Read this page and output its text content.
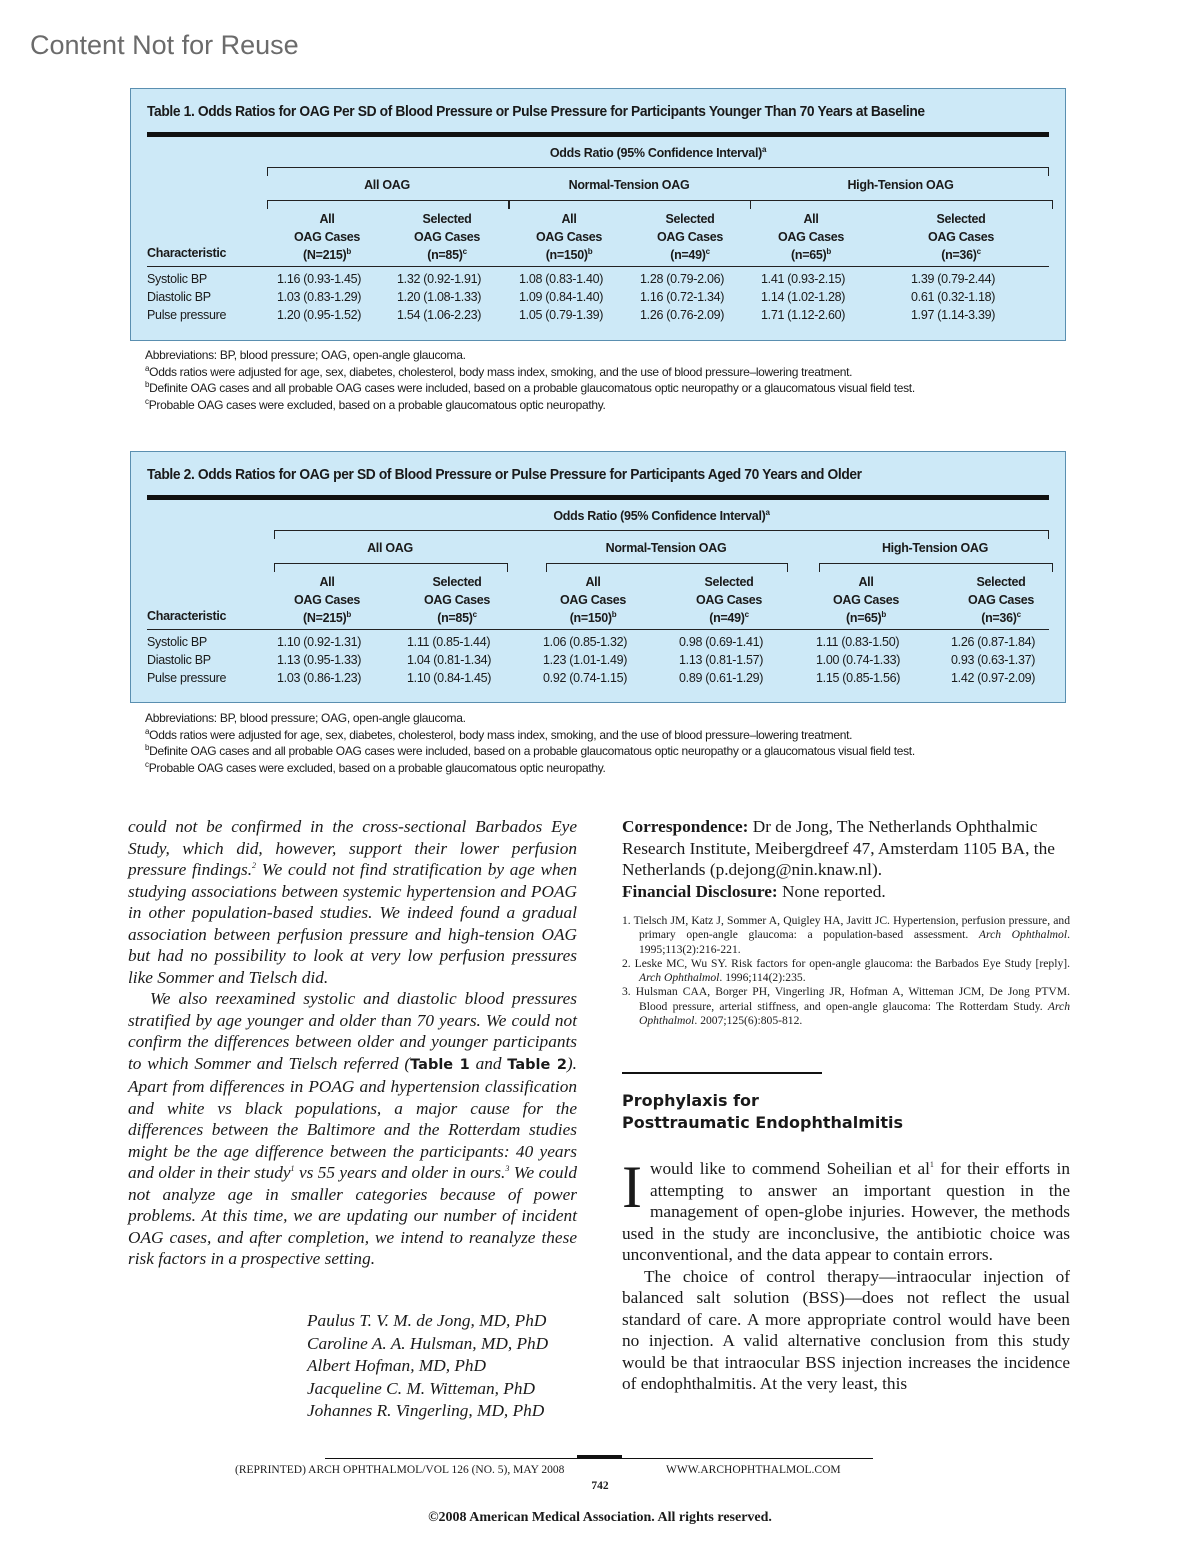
Content Not for Reuse
Table 1. Odds Ratios for OAG Per SD of Blood Pressure or Pulse Pressure for Participants Younger Than 70 Years at Baseline
Odds Ratio (95% Confidence Interval)$^a$
All OAG	Normal-Tension OAG	High-Tension OAG
Characteristic
All
OAG Cases
(N=215)$^b$
Selected
OAG Cases
(n=85)$^c$
All
OAG Cases
(n=150)$^b$
Selected
OAG Cases
(n=49)$^c$
All
OAG Cases
(n=65)$^b$
Selected
OAG Cases
(n=36)$^c$
Systolic BP	1.16 (0.93-1.45)	1.32 (0.92-1.91)	1.08 (0.83-1.40)	1.28 (0.79-2.06)	1.41 (0.93-2.15)	1.39 (0.79-2.44)
Diastolic BP	1.03 (0.83-1.29)	1.20 (1.08-1.33)	1.09 (0.84-1.40)	1.16 (0.72-1.34)	1.14 (1.02-1.28)	0.61 (0.32-1.18)
Pulse pressure	1.20 (0.95-1.52)	1.54 (1.06-2.23)	1.05 (0.79-1.39)	1.26 (0.76-2.09)	1.71 (1.12-2.60)	1.97 (1.14-3.39)
Abbreviations: BP, blood pressure; OAG, open-angle glaucoma.
$^a$Odds ratios were adjusted for age, sex, diabetes, cholesterol, body mass index, smoking, and the use of blood pressure–lowering treatment.
$^b$Definite OAG cases and all probable OAG cases were included, based on a probable glaucomatous optic neuropathy or a glaucomatous visual field test.
$^c$Probable OAG cases were excluded, based on a probable glaucomatous optic neuropathy.
Table 2. Odds Ratios for OAG per SD of Blood Pressure or Pulse Pressure for Participants Aged 70 Years and Older
Odds Ratio (95% Confidence Interval)$^a$
All OAG	Normal-Tension OAG	High-Tension OAG
Characteristic
All
OAG Cases
(N=215)$^b$
Selected
OAG Cases
(n=85)$^c$
All
OAG Cases
(n=150)$^b$
Selected
OAG Cases
(n=49)$^c$
All
OAG Cases
(n=65)$^b$
Selected
OAG Cases
(n=36)$^c$
Systolic BP	1.10 (0.92-1.31)	1.11 (0.85-1.44)	1.06 (0.85-1.32)	0.98 (0.69-1.41)	1.11 (0.83-1.50)	1.26 (0.87-1.84)
Diastolic BP	1.13 (0.95-1.33)	1.04 (0.81-1.34)	1.23 (1.01-1.49)	1.13 (0.81-1.57)	1.00 (0.74-1.33)	0.93 (0.63-1.37)
Pulse pressure	1.03 (0.86-1.23)	1.10 (0.84-1.45)	0.92 (0.74-1.15)	0.89 (0.61-1.29)	1.15 (0.85-1.56)	1.42 (0.97-2.09)
Abbreviations: BP, blood pressure; OAG, open-angle glaucoma.
$^a$Odds ratios were adjusted for age, sex, diabetes, cholesterol, body mass index, smoking, and the use of blood pressure–lowering treatment.
$^b$Definite OAG cases and all probable OAG cases were included, based on a probable glaucomatous optic neuropathy or a glaucomatous visual field test.
$^c$Probable OAG cases were excluded, based on a probable glaucomatous optic neuropathy.

could not be confirmed in the cross-sectional Barbados Eye Study, which did, however, support their lower perfusion pressure findings.$^2$ We could not find stratification by age when studying associations between systemic hypertension and POAG in other population-based studies. We indeed found a gradual association between perfusion pressure and high-tension OAG but had no possibility to look at very low perfusion pressures like Sommer and Tielsch did.

We also reexamined systolic and diastolic blood pressures stratified by age younger and older than 70 years. We could not confirm the differences between older and younger participants to which Sommer and Tielsch referred (Table 1 and Table 2). Apart from differences in POAG and hypertension classification and white vs black populations, a major cause for the differences between the Baltimore and the Rotterdam studies might be the age difference between the participants: 40 years and older in their study$^1$ vs 55 years and older in ours.$^3$ We could not analyze age in smaller categories because of power problems. At this time, we are updating our number of incident OAG cases, and after completion, we intend to reanalyze these risk factors in a prospective setting.

Paulus T. V. M. de Jong, MD, PhD
Caroline A. A. Hulsman, MD, PhD
Albert Hofman, MD, PhD
Jacqueline C. M. Witteman, PhD
Johannes R. Vingerling, MD, PhD
Correspondence: Dr de Jong, The Netherlands Ophthalmic Research Institute, Meibergdreef 47, Amsterdam 1105 BA, the Netherlands (p.dejong@nin.knaw.nl).
Financial Disclosure: None reported.
1. Tielsch JM, Katz J, Sommer A, Quigley HA, Javitt JC. Hypertension, perfusion pressure, and primary open-angle glaucoma: a population-based assessment. Arch Ophthalmol. 1995;113(2):216-221.
2. Leske MC, Wu SY. Risk factors for open-angle glaucoma: the Barbados Eye Study [reply]. Arch Ophthalmol. 1996;114(2):235.
3. Hulsman CAA, Borger PH, Vingerling JR, Hofman A, Witteman JCM, De Jong PTVM. Blood pressure, arterial stiffness, and open-angle glaucoma: The Rotterdam Study. Arch Ophthalmol. 2007;125(6):805-812.
Prophylaxis for
Posttraumatic Endophthalmitis

Iwould like to commend Soheilian et $al^1$ for their efforts in attempting to answer an important question in the management of open-globe injuries. However, the methods used in the study are inconclusive, the antibiotic choice was unconventional, and the data appear to contain errors.

The choice of control therapy—intraocular injection of balanced salt solution (BSS)—does not reflect the usual standard of care. A more appropriate control would have been no injection. A valid alternative conclusion from this study would be that intraocular BSS injection increases the incidence of endophthalmitis. At the very least, this

(REPRINTED) ARCH OPHTHALMOL/VOL 126 (NO. 5), MAY 2008	WWW.ARCHOPHTHALMOL.COM
742
©2008 American Medical Association. All rights reserved.
